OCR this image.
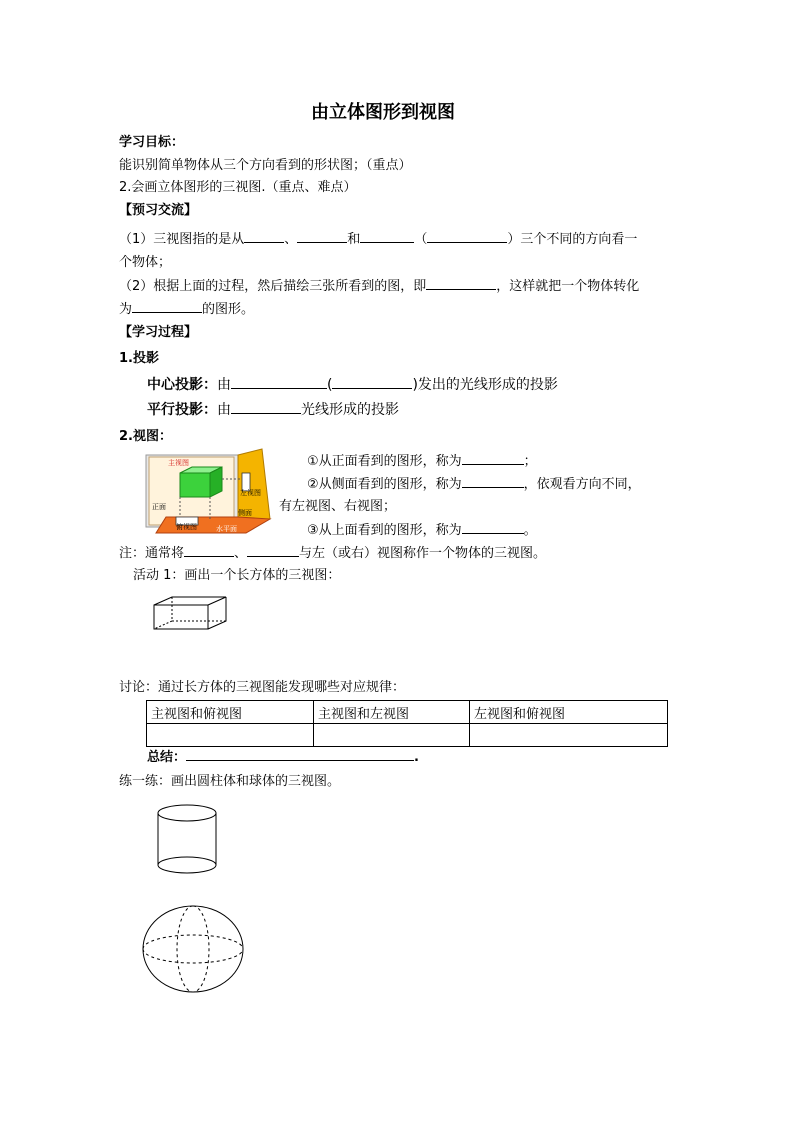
由立体图形到视图
学习目标：
能识别简单物体从三个方向看到的形状图；（重点）
2.会画立体图形的三视图.（重点、难点）
【预习交流】
（1）三视图指的是从	、	和	（	）三个不同的方向看一
个物体；
（2）根据上面的过程，然后描绘三张所看到的图，即	，这样就把一个物体转化
为	的图形。
【学习过程】
1.投影
中心投影：由	(	)发出的光线形成的投影
平行投影：由	光线形成的投影
2.视图：
主视图
左视图
正面
侧面
俯视图	水平面
①从正面看到的图形，称为	；
②从侧面看到的图形，称为	，依观看方向不同，
有左视图、右视图；
③从上面看到的图形，称为	。
注：通常将	、	与左（或右）视图称作一个物体的三视图。
活动 1：画出一个长方体的三视图：
讨论：通过长方体的三视图能发现哪些对应规律：
主视图和俯视图	主视图和左视图	左视图和俯视图

总结：	.
练一练：画出圆柱体和球体的三视图。
